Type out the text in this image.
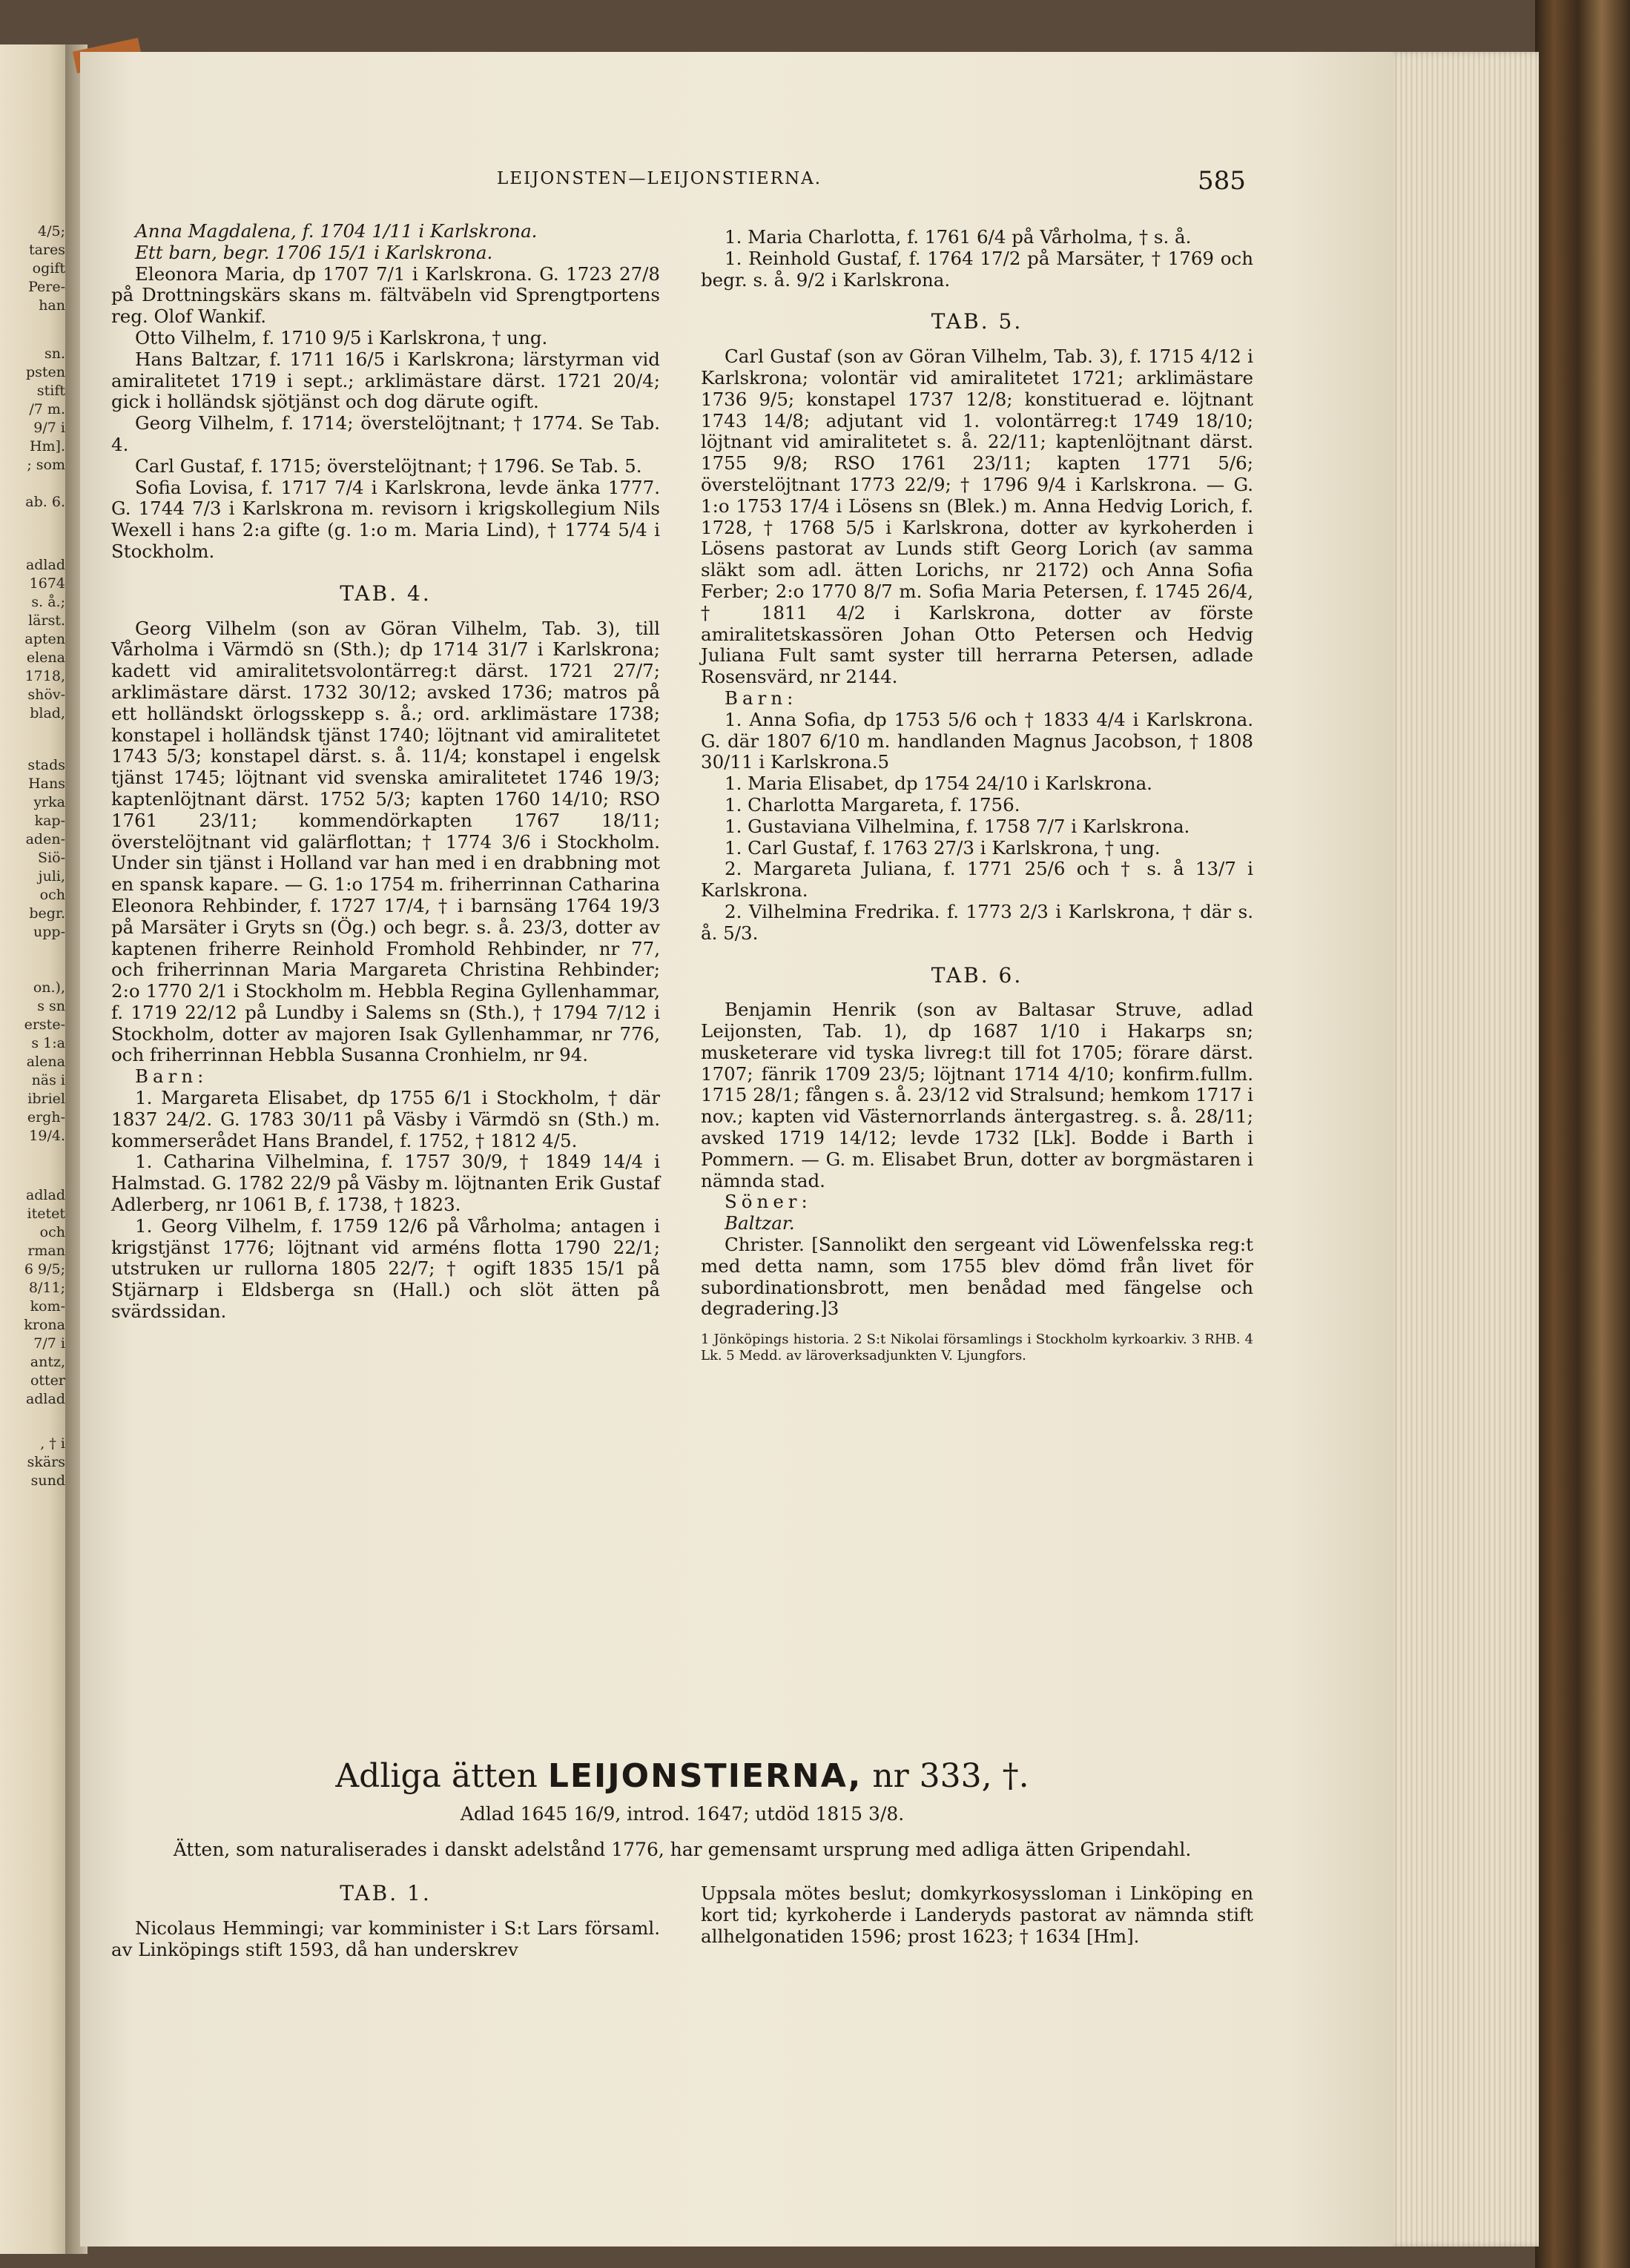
4/5;
tares
ogift
Pere-
han
sn.
psten
stift
/7 m.
9/7 i
Hm].
; som
ab. 6.
adlad
1674
s. å.;
lärst.
apten
elena
1718,
shöv-
blad,
stads
Hans
yrka
kap-
aden-
Siö-
juli,
och
begr.
upp-
on.),
s sn
erste-
s 1:a
alena
näs i
ibriel
ergh-
19/4.
adlad
itetet
och
rman
6 9/5;
8/11;
kom-
krona
7/7 i
antz,
otter
adlad
, † i
skärs
sund
LEIJONSTEN—LEIJONSTIERNA.	585

Anna Magdalena, f. 1704 1/11 i Karlskrona.

Ett barn, begr. 1706 15/1 i Karlskrona.

Eleonora Maria, dp 1707 7/1 i Karlskrona. G. 1723 27/8 på Drottningskärs skans m. fältväbeln vid Sprengtportens reg. Olof Wankif.

Otto Vilhelm, f. 1710 9/5 i Karlskrona, † ung.

Hans Baltzar, f. 1711 16/5 i Karlskrona; lärstyrman vid amiralitetet 1719 i sept.; arklimästare därst. 1721 20/4; gick i holländsk sjötjänst och dog därute ogift.

Georg Vilhelm, f. 1714; överstelöjtnant; † 1774. Se Tab. 4.

Carl Gustaf, f. 1715; överstelöjtnant; † 1796. Se Tab. 5.

Sofia Lovisa, f. 1717 7/4 i Karlskrona, levde änka 1777. G. 1744 7/3 i Karlskrona m. revisorn i krigskollegium Nils Wexell i hans 2:a gifte (g. 1:o m. Maria Lind), † 1774 5/4 i Stockholm.

TAB. 4.

Georg Vilhelm (son av Göran Vilhelm, Tab. 3), till Vårholma i Värmdö sn (Sth.); dp 1714 31/7 i Karlskrona; kadett vid amiralitetsvolontärreg:t därst. 1721 27/7; arklimästare därst. 1732 30/12; avsked 1736; matros på ett holländskt örlogsskepp s. å.; ord. arklimästare 1738; konstapel i holländsk tjänst 1740; löjtnant vid amiralitetet 1743 5/3; konstapel därst. s. å. 11/4; konstapel i engelsk tjänst 1745; löjtnant vid svenska amiralitetet 1746 19/3; kaptenlöjtnant därst. 1752 5/3; kapten 1760 14/10; RSO 1761 23/11; kommendörkapten 1767 18/11; överstelöjtnant vid galärflottan; † 1774 3/6 i Stockholm. Under sin tjänst i Holland var han med i en drabbning mot en spansk kapare. — G. 1:o 1754 m. friherrinnan Catharina Eleonora Rehbinder, f. 1727 17/4, † i barnsäng 1764 19/3 på Marsäter i Gryts sn (Ög.) och begr. s. å. 23/3, dotter av kaptenen friherre Reinhold Fromhold Rehbinder, nr 77, och friherrinnan Maria Margareta Christina Rehbinder; 2:o 1770 2/1 i Stockholm m. Hebbla Regina Gyllenhammar, f. 1719 22/12 på Lundby i Salems sn (Sth.), † 1794 7/12 i Stockholm, dotter av majoren Isak Gyllenhammar, nr 776, och friherrinnan Hebbla Susanna Cronhielm, nr 94.

Barn:

1. Margareta Elisabet, dp 1755 6/1 i Stockholm, † där 1837 24/2. G. 1783 30/11 på Väsby i Värmdö sn (Sth.) m. kommerserådet Hans Brandel, f. 1752, † 1812 4/5.

1. Catharina Vilhelmina, f. 1757 30/9, † 1849 14/4 i Halmstad. G. 1782 22/9 på Väsby m. löjtnanten Erik Gustaf Adlerberg, nr 1061 B, f. 1738, † 1823.

1. Georg Vilhelm, f. 1759 12/6 på Vårholma; antagen i krigstjänst 1776; löjtnant vid arméns flotta 1790 22/1; utstruken ur rullorna 1805 22/7; † ogift 1835 15/1 på Stjärnarp i Eldsberga sn (Hall.) och slöt ätten på svärdssidan.

1. Maria Charlotta, f. 1761 6/4 på Vårholma, † s. å.

1. Reinhold Gustaf, f. 1764 17/2 på Marsäter, † 1769 och begr. s. å. 9/2 i Karlskrona.

TAB. 5.

Carl Gustaf (son av Göran Vilhelm, Tab. 3), f. 1715 4/12 i Karlskrona; volontär vid amiralitetet 1721; arklimästare 1736 9/5; konstapel 1737 12/8; konstituerad e. löjtnant 1743 14/8; adjutant vid 1. volontärreg:t 1749 18/10; löjtnant vid amiralitetet s. å. 22/11; kaptenlöjtnant därst. 1755 9/8; RSO 1761 23/11; kapten 1771 5/6; överstelöjtnant 1773 22/9; † 1796 9/4 i Karlskrona. — G. 1:o 1753 17/4 i Lösens sn (Blek.) m. Anna Hedvig Lorich, f. 1728, † 1768 5/5 i Karlskrona, dotter av kyrkoherden i Lösens pastorat av Lunds stift Georg Lorich (av samma släkt som adl. ätten Lorichs, nr 2172) och Anna Sofia Ferber; 2:o 1770 8/7 m. Sofia Maria Petersen, f. 1745 26/4, † 1811 4/2 i Karlskrona, dotter av förste amiralitetskassören Johan Otto Petersen och Hedvig Juliana Fult samt syster till herrarna Petersen, adlade Rosensvärd, nr 2144.

Barn:

1. Anna Sofia, dp 1753 5/6 och † 1833 4/4 i Karlskrona. G. där 1807 6/10 m. handlanden Magnus Jacobson, † 1808 30/11 i Karlskrona.5

1. Maria Elisabet, dp 1754 24/10 i Karlskrona.

1. Charlotta Margareta, f. 1756.

1. Gustaviana Vilhelmina, f. 1758 7/7 i Karlskrona.

1. Carl Gustaf, f. 1763 27/3 i Karlskrona, † ung.

2. Margareta Juliana, f. 1771 25/6 och † s. å 13/7 i Karlskrona.

2. Vilhelmina Fredrika. f. 1773 2/3 i Karlskrona, † där s. å. 5/3.

TAB. 6.

Benjamin Henrik (son av Baltasar Struve, adlad Leijonsten, Tab. 1), dp 1687 1/10 i Hakarps sn; musketerare vid tyska livreg:t till fot 1705; förare därst. 1707; fänrik 1709 23/5; löjtnant 1714 4/10; konfirm.fullm. 1715 28/1; fången s. å. 23/12 vid Stralsund; hemkom 1717 i nov.; kapten vid Västernorrlands äntergastreg. s. å. 28/11; avsked 1719 14/12; levde 1732 [Lk]. Bodde i Barth i Pommern. — G. m. Elisabet Brun, dotter av borgmästaren i nämnda stad.

Söner:

Baltzar.

Christer. [Sannolikt den sergeant vid Löwenfelsska reg:t med detta namn, som 1755 blev dömd från livet för subordinationsbrott, men benådad med fängelse och degradering.]3

1 Jönköpings historia. 2 S:t Nikolai församlings i Stockholm kyrkoarkiv. 3 RHB. 4 Lk. 5 Medd. av läroverksadjunkten V. Ljungfors.
Adliga ätten LEIJONSTIERNA, nr 333, †.
Adlad 1645 16/9, introd. 1647; utdöd 1815 3/8.
Ätten, som naturaliserades i danskt adelstånd 1776, har gemensamt ursprung med adliga ätten Gripendahl.
TAB. 1.

Nicolaus Hemmingi; var komminister i S:t Lars församl. av Linköpings stift 1593, då han underskrev

Uppsala mötes beslut; domkyrkosyssloman i Linköping en kort tid; kyrkoherde i Landeryds pastorat av nämnda stift allhelgonatiden 1596; prost 1623; † 1634 [Hm].
